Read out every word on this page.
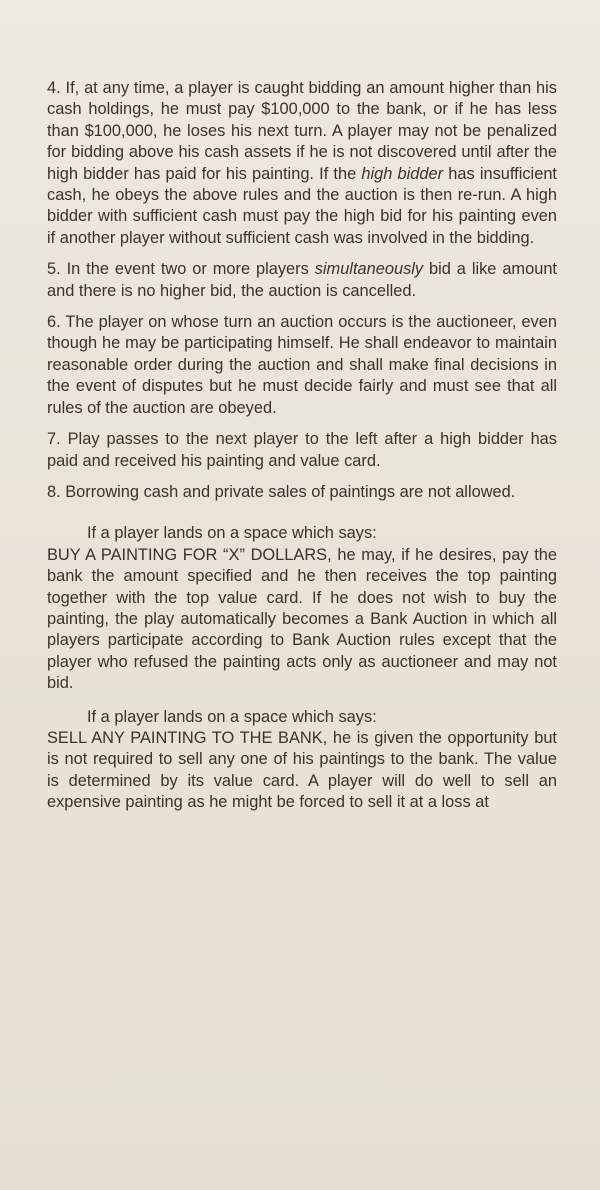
4. If, at any time, a player is caught bidding an amount higher than his cash holdings, he must pay $100,000 to the bank, or if he has less than $100,000, he loses his next turn. A player may not be penalized for bidding above his cash assets if he is not discovered until after the high bidder has paid for his painting. If the high bidder has insufficient cash, he obeys the above rules and the auction is then re-run. A high bidder with sufficient cash must pay the high bid for his painting even if another player without sufficient cash was involved in the bidding.

5. In the event two or more players simultaneously bid a like amount and there is no higher bid, the auction is cancelled.

6. The player on whose turn an auction occurs is the auctioneer, even though he may be participating himself. He shall endeavor to maintain reasonable order during the auction and shall make final decisions in the event of disputes but he must decide fairly and must see that all rules of the auction are obeyed.

7. Play passes to the next player to the left after a high bidder has paid and received his painting and value card.

8. Borrowing cash and private sales of paintings are not allowed.

If a player lands on a space which says: BUY A PAINTING FOR “X” DOLLARS, he may, if he desires, pay the bank the amount specified and he then receives the top painting together with the top value card. If he does not wish to buy the painting, the play automatically becomes a Bank Auction in which all players participate according to Bank Auction rules except that the player who refused the painting acts only as auctioneer and may not bid.

If a player lands on a space which says: SELL ANY PAINTING TO THE BANK, he is given the opportunity but is not required to sell any one of his paintings to the bank. The value is determined by its value card. A player will do well to sell an expensive painting as he might be forced to sell it at a loss at
